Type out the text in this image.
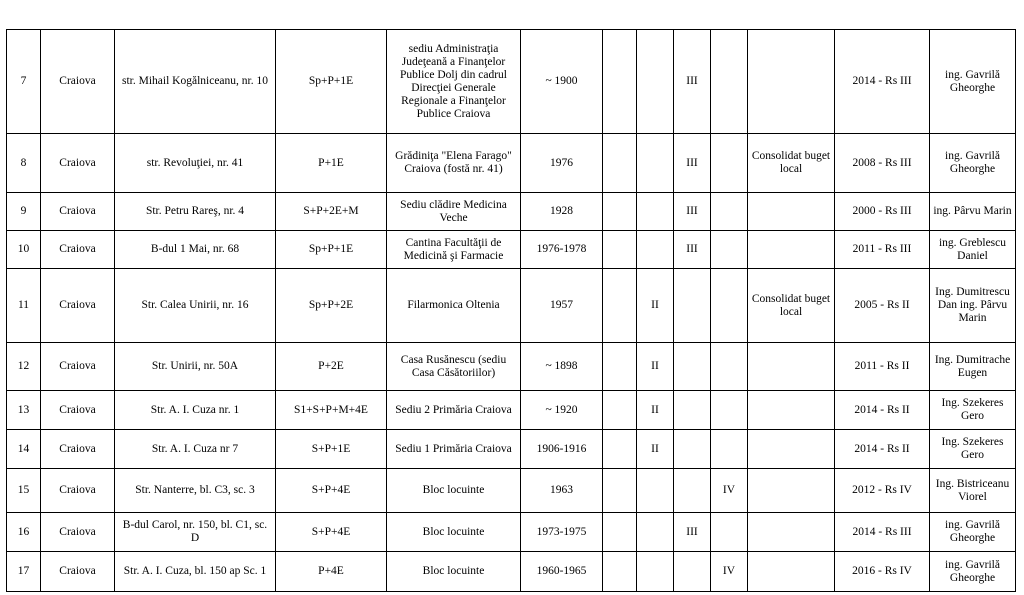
7	Craiova	str. Mihail Kogălniceanu, nr. 10	Sp+P+1E	sediu Administraţia Judeţeană a Finanţelor Publice Dolj din cadrul Direcţiei Generale Regionale a Finanţelor Publice Craiova	~ 1900			III			2014 - Rs III	ing. Gavrilă Gheorghe
8	Craiova	str. Revoluţiei, nr. 41	P+1E	Grădiniţa "Elena Farago" Craiova (fostă nr. 41)	1976			III		Consolidat buget local	2008 - Rs III	ing. Gavrilă Gheorghe
9	Craiova	Str. Petru Rareş, nr. 4	S+P+2E+M	Sediu clădire Medicina Veche	1928			III			2000 - Rs III	ing. Pârvu Marin
10	Craiova	B-dul 1 Mai, nr. 68	Sp+P+1E	Cantina Facultăţii de Medicină şi Farmacie	1976-1978			III			2011 - Rs III	ing. Greblescu Daniel
11	Craiova	Str. Calea Unirii, nr. 16	Sp+P+2E	Filarmonica Oltenia	1957		II			Consolidat buget local	2005 - Rs II	Ing. Dumitrescu Dan ing. Pârvu Marin
12	Craiova	Str. Unirii, nr. 50A	P+2E	Casa Rusănescu (sediu Casa Căsătoriilor)	~ 1898		II				2011 - Rs II	Ing. Dumitrache Eugen
13	Craiova	Str. A. I. Cuza nr. 1	S1+S+P+M+4E	Sediu 2 Primăria Craiova	~ 1920		II				2014 - Rs II	Ing. Szekeres Gero
14	Craiova	Str. A. I. Cuza nr 7	S+P+1E	Sediu 1 Primăria Craiova	1906-1916		II				2014 - Rs II	Ing. Szekeres Gero
15	Craiova	Str. Nanterre, bl. C3, sc. 3	S+P+4E	Bloc locuinte	1963				IV		2012 - Rs IV	Ing. Bistriceanu Viorel
16	Craiova	B-dul Carol, nr. 150, bl. C1, sc. D	S+P+4E	Bloc locuinte	1973-1975			III			2014 - Rs III	ing. Gavrilă Gheorghe
17	Craiova	Str. A. I. Cuza, bl. 150 ap Sc. 1	P+4E	Bloc locuinte	1960-1965				IV		2016 - Rs IV	ing. Gavrilă Gheorghe
